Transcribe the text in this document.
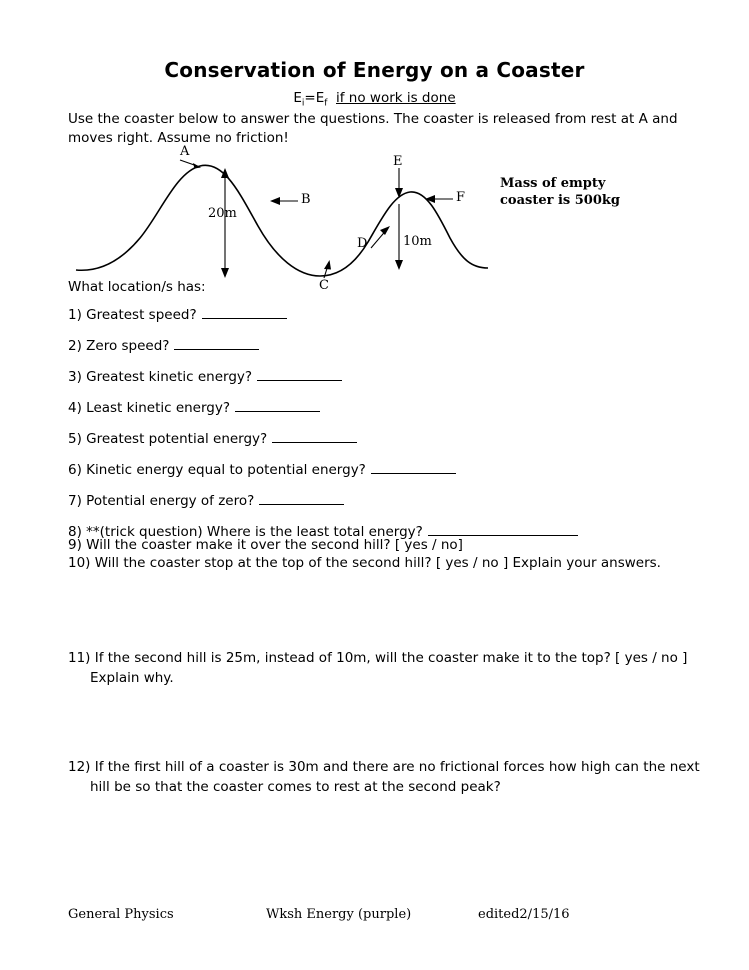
Conservation of Energy on a Coaster
$E_i=E_f$ if no work is done
Use the coaster below to answer the questions. The coaster is released from rest at A and moves right. Assume no friction!
A
B
C
D
E
F
20m
10m
Mass of empty
coaster is 500kg
What location/s has:
1) Greatest speed?
2) Zero speed?
3) Greatest kinetic energy?
4) Least kinetic energy?
5) Greatest potential energy?
6) Kinetic energy equal to potential energy?
7) Potential energy of zero?
8) **(trick question) Where is the least total energy?
9) Will the coaster make it over the second hill? [ yes / no]
10) Will the coaster stop at the top of the second hill? [ yes / no ] Explain your answers.
11) If the second hill is 25m, instead of 10m, will the coaster make it to the top? [ yes / no ]
Explain why.
12) If the first hill of a coaster is 30m and there are no frictional forces how high can the next
hill be so that the coaster comes to rest at the second peak?
General Physics	Wksh Energy (purple)	edited2/15/16
